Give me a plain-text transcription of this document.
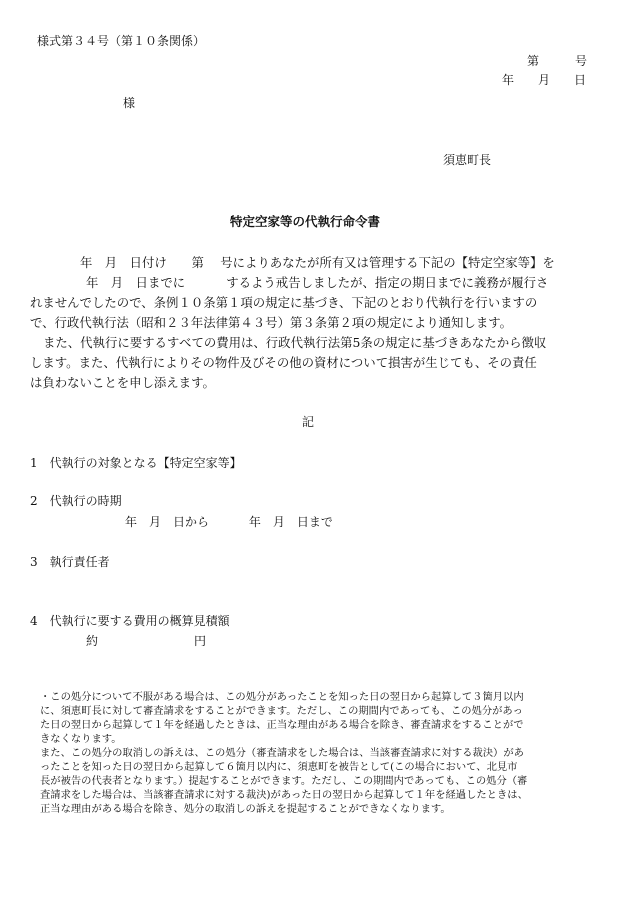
様式第３４号（第１０条関係）
第　　　号
年　　月　　日
様
須恵町長
特定空家等の代執行命令書
年　月　日付け　　第　 号によりあなたが所有又は管理する下記の【特定空家等】を
年　月　日までに　　　 するよう戒告しましたが、指定の期日までに義務が履行さ
れませんでしたので、条例１０条第１項の規定に基づき、下記のとおり代執行を行いますの
で、行政代執行法（昭和２３年法律第４３号）第３条第２項の規定により通知します。
また、代執行に要するすべての費用は、行政代執行法第5条の規定に基づきあなたから徴収
します。また、代執行によりその物件及びその他の資材について損害が生じても、その責任
は負わないことを申し添えます。
記
1　代執行の対象となる【特定空家等】
2　代執行の時期
年　月　日から　　　 年　月　日まで
3　執行責任者
4　代執行に要する費用の概算見積額
約　　　　　　　　円
・この処分について不服がある場合は、この処分があったことを知った日の翌日から起算して３箇月以内
に、須恵町長に対して審査請求をすることができます。ただし、この期間内であっても、この処分があっ
た日の翌日から起算して１年を経過したときは、正当な理由がある場合を除き、審査請求をすることがで
きなくなります。
また、この処分の取消しの訴えは、この処分（審査請求をした場合は、当該審査請求に対する裁決）があ
ったことを知った日の翌日から起算して６箇月以内に、須恵町を被告として(この場合において、北見市
長が被告の代表者となります。）提起することができます。ただし、この期間内であっても、この処分（審
査請求をした場合は、当該審査請求に対する裁決)があった日の翌日から起算して１年を経過したときは、
正当な理由がある場合を除き、処分の取消しの訴えを提起することができなくなります。
